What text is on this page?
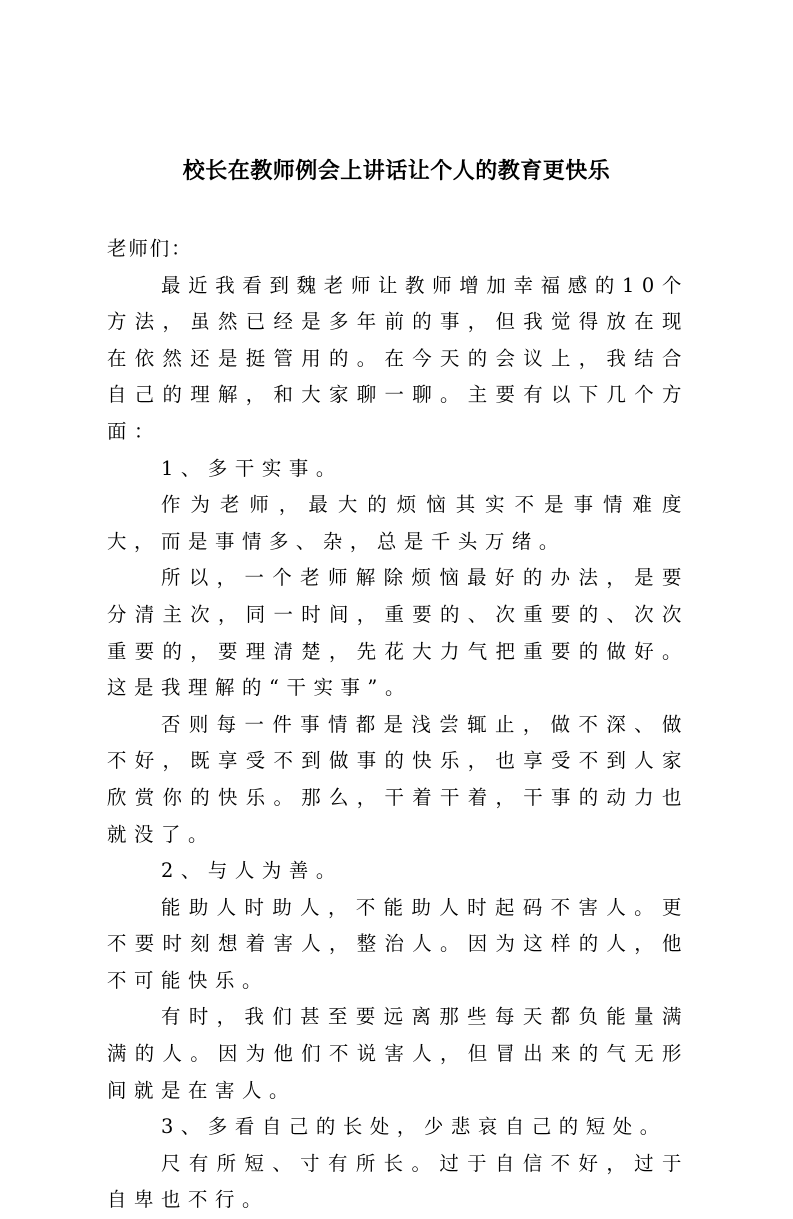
校长在教师例会上讲话让个人的教育更快乐

老师们：

最近我看到魏老师让教师增加幸福感的10个方法，虽然已经是多年前的事，但我觉得放在现在依然还是挺管用的。在今天的会议上，我结合自己的理解，和大家聊一聊。主要有以下几个方面：

1、多干实事。

作为老师，最大的烦恼其实不是事情难度大，而是事情多、杂，总是千头万绪。

所以，一个老师解除烦恼最好的办法，是要分清主次，同一时间，重要的、次重要的、次次重要的，要理清楚，先花大力气把重要的做好。这是我理解的“干实事”。

否则每一件事情都是浅尝辄止，做不深、做不好，既享受不到做事的快乐，也享受不到人家欣赏你的快乐。那么，干着干着，干事的动力也就没了。

2、与人为善。

能助人时助人，不能助人时起码不害人。更不要时刻想着害人，整治人。因为这样的人，他不可能快乐。

有时，我们甚至要远离那些每天都负能量满满的人。因为他们不说害人，但冒出来的气无形间就是在害人。

3、多看自己的长处，少悲哀自己的短处。

尺有所短、寸有所长。过于自信不好，过于自卑也不行。
